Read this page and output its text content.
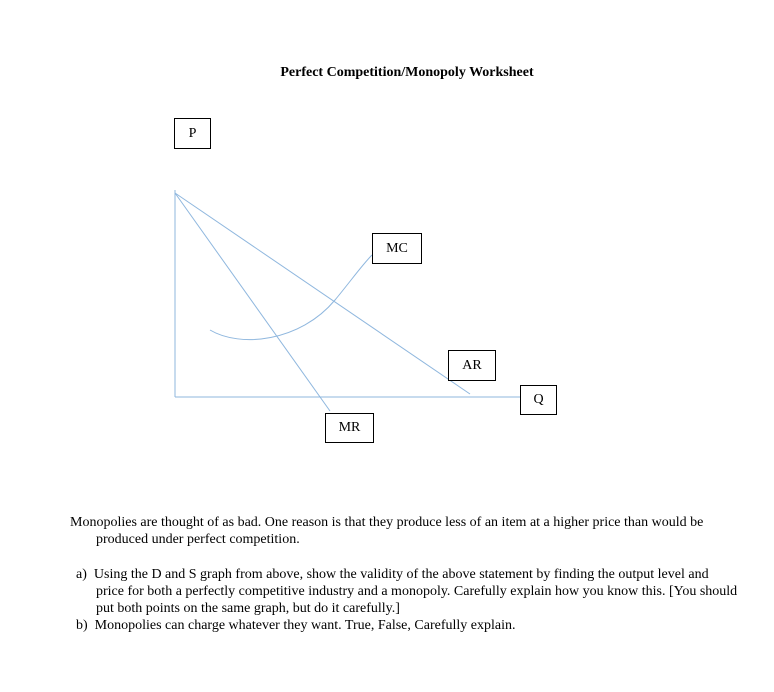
Perfect Competition/Monopoly Worksheet
P
MC
AR
Q
MR

Monopolies are thought of as bad. One reason is that they produce less of an item at a higher price than would be produced under perfect competition.

a) Using the D and S graph from above, show the validity of the above statement by finding the output level and price for both a perfectly competitive industry and a monopoly. Carefully explain how you know this. [You should put both points on the same graph, but do it carefully.]

b) Monopolies can charge whatever they want. True, False, Carefully explain.
